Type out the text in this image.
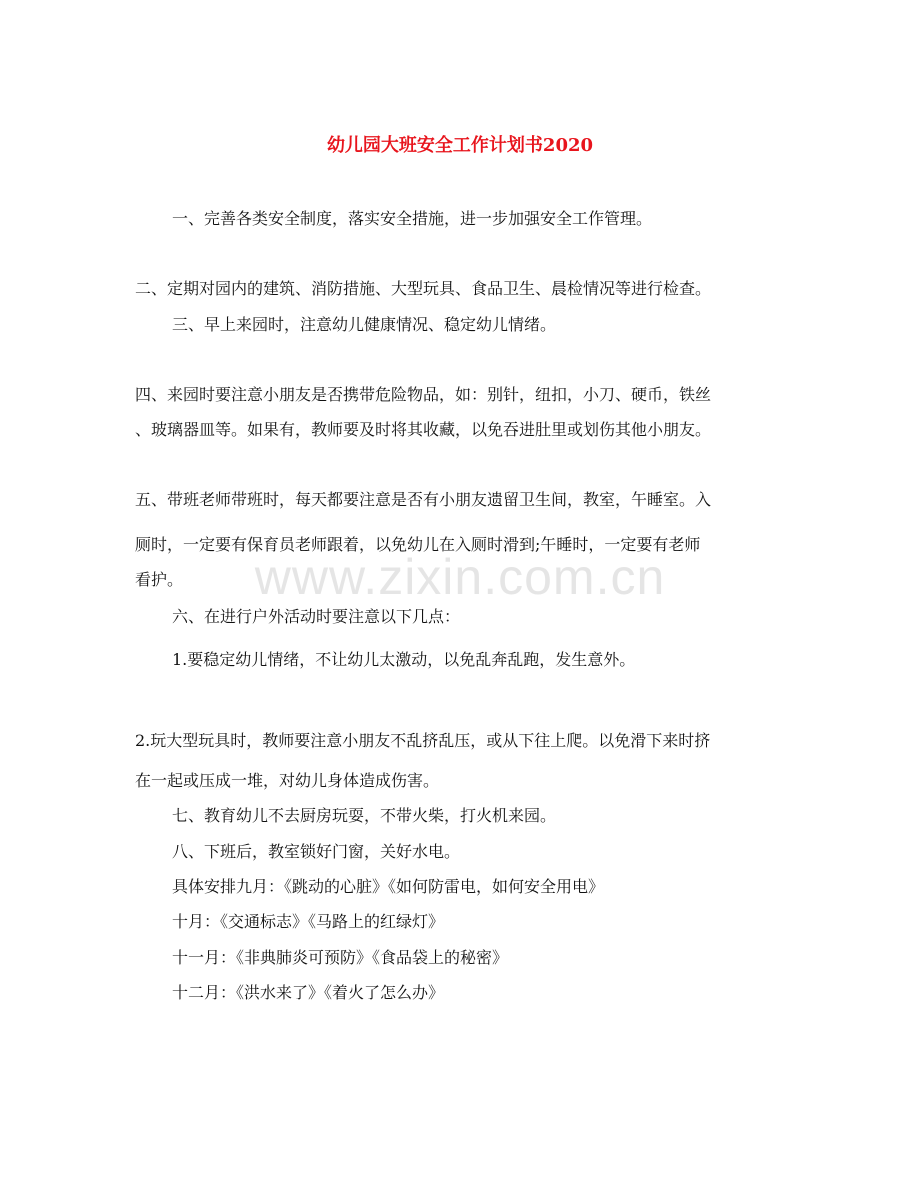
幼儿园大班安全工作计划书2020
www.zixin.com.cn
一、完善各类安全制度，落实安全措施，进一步加强安全工作管理。
二、定期对园内的建筑、消防措施、大型玩具、食品卫生、晨检情况等进行检查。
三、早上来园时，注意幼儿健康情况、稳定幼儿情绪。
四、来园时要注意小朋友是否携带危险物品，如：别针，纽扣，小刀、硬币，铁丝
、玻璃器皿等。如果有，教师要及时将其收藏，以免吞进肚里或划伤其他小朋友。
五、带班老师带班时，每天都要注意是否有小朋友遗留卫生间，教室，午睡室。入
厕时，一定要有保育员老师跟着，以免幼儿在入厕时滑到;午睡时，一定要有老师
看护。
六、在进行户外活动时要注意以下几点：
1.要稳定幼儿情绪，不让幼儿太激动，以免乱奔乱跑，发生意外。
2.玩大型玩具时，教师要注意小朋友不乱挤乱压，或从下往上爬。以免滑下来时挤
在一起或压成一堆，对幼儿身体造成伤害。
七、教育幼儿不去厨房玩耍，不带火柴，打火机来园。
八、下班后，教室锁好门窗，关好水电。
具体安排九月：《跳动的心脏》《如何防雷电，如何安全用电》
十月：《交通标志》《马路上的红绿灯》
十一月：《非典肺炎可预防》《食品袋上的秘密》
十二月：《洪水来了》《着火了怎么办》
